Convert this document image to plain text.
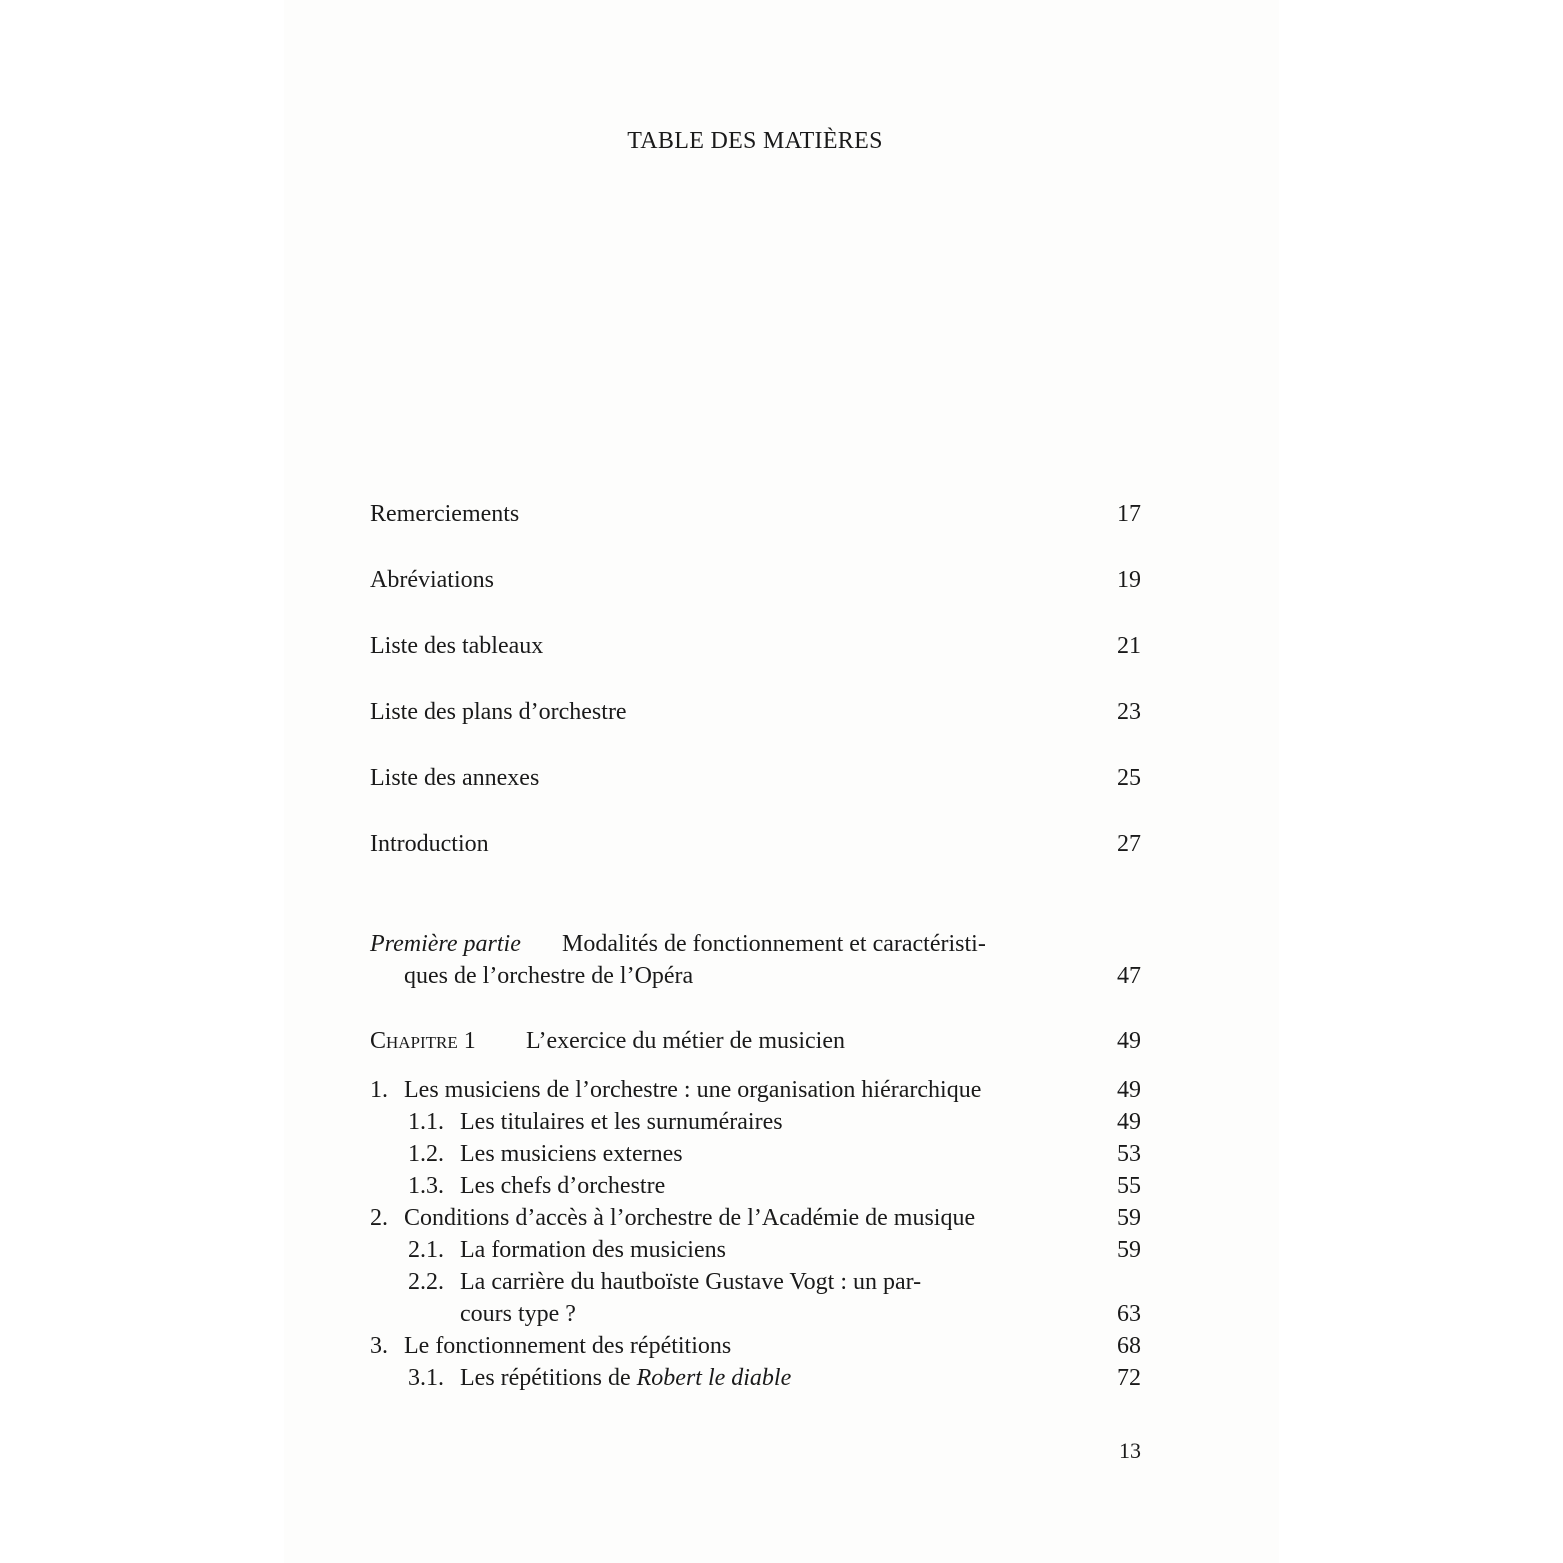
TABLE DES MATIÈRES
Remerciements	17
Abréviations	19
Liste des tableaux	21
Liste des plans d’orchestre	23
Liste des annexes	25
Introduction	27
Première partie Modalités de fonctionnement et caractéristi-
ques de l’orchestre de l’Opéra	47
Chapitre 1 L’exercice du métier de musicien	49
1. Les musiciens de l’orchestre : une organisation hiérarchique	49
1.1. Les titulaires et les surnuméraires	49
1.2. Les musiciens externes	53
1.3. Les chefs d’orchestre	55
2. Conditions d’accès à l’orchestre de l’Académie de musique	59
2.1. La formation des musiciens	59
2.2. La carrière du hautboïste Gustave Vogt : un par-
cours type ?	63
3. Le fonctionnement des répétitions	68
3.1. Les répétitions de Robert le diable	72
13
